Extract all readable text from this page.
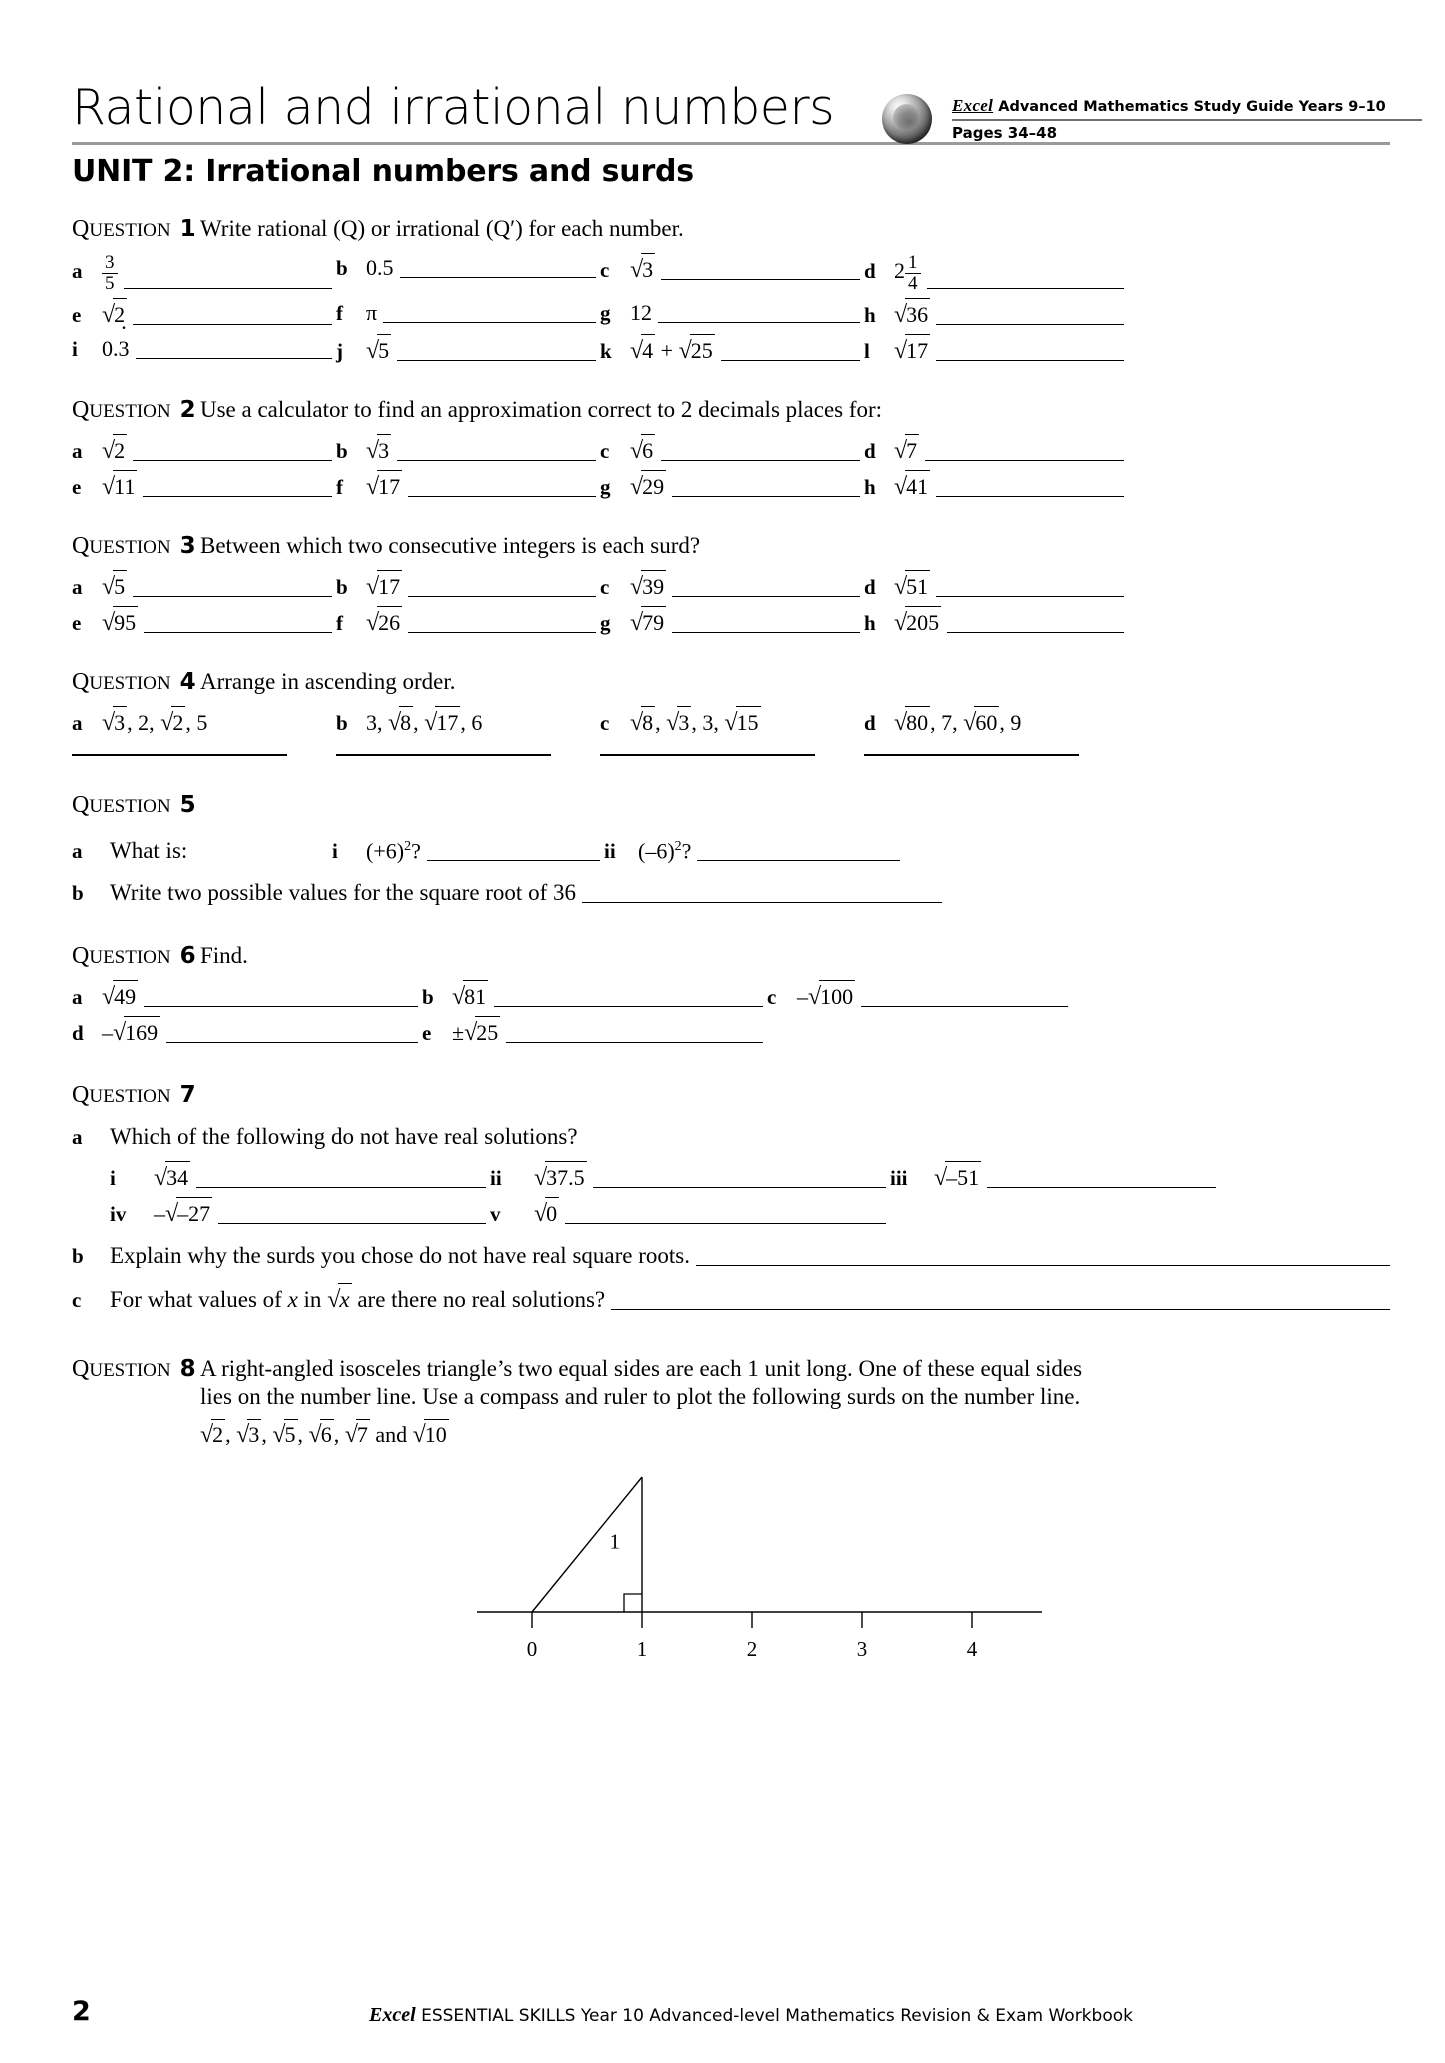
Rational and irrational numbers	Excel Advanced Mathematics Study Guide Years 9–10
Pages 34–48
UNIT 2: Irrational numbers and surds
QUESTION 1 Write rational (Q) or irrational (Q′) for each number.
a	$\frac{3}{5}$	b 0.5	c √3	d $2 \frac{1}{4}$
e √2	f	π	g 12	h √36
i	0.. 3	j √5	k √4 + √25	l	√17
QUESTION 2 Use a calculator to find an approximation correct to 2 decimals places for:
a √2	b √3	c √6	d √7
e √11	f √17	g √29	h √41
QUESTION 3 Between which two consecutive integers is each surd?
a √5	b √17	c √39	d √51
e √95	f √26	g √79	h √205
QUESTION 4 Arrange in ascending order.
a √3, 2, √2, 5	b 3, √8, √17, 6	c √8, √3, 3, √15	d √80, 7, √60, 9
QUESTION 5
a	What is:	i	$(+6)^2$?	ii	$(-6)^2$?
b	Write two possible values for the square root of 36
QUESTION 6 Find.
a √49	b √81	c –√100
d –√169	e ±√25
QUESTION 7
a	Which of the following do not have real solutions?
i	√34	ii	√37.5	iii	√–51
iv	–√–27	v	√0
b	Explain why the surds you chose do not have real square roots.
c	For what values of x in √x are there no real solutions?
QUESTION 8 A right-angled isosceles triangle’s two equal sides are each 1 unit long. One of these equal sides
lies on the number line. Use a compass and ruler to plot the following surds on the number line.
√2, √3, √5, √6, √7 and √10
0	1	2	3	4
1
2	Excel ESSENTIAL SKILLS Year 10 Advanced-level Mathematics Revision & Exam Workbook
